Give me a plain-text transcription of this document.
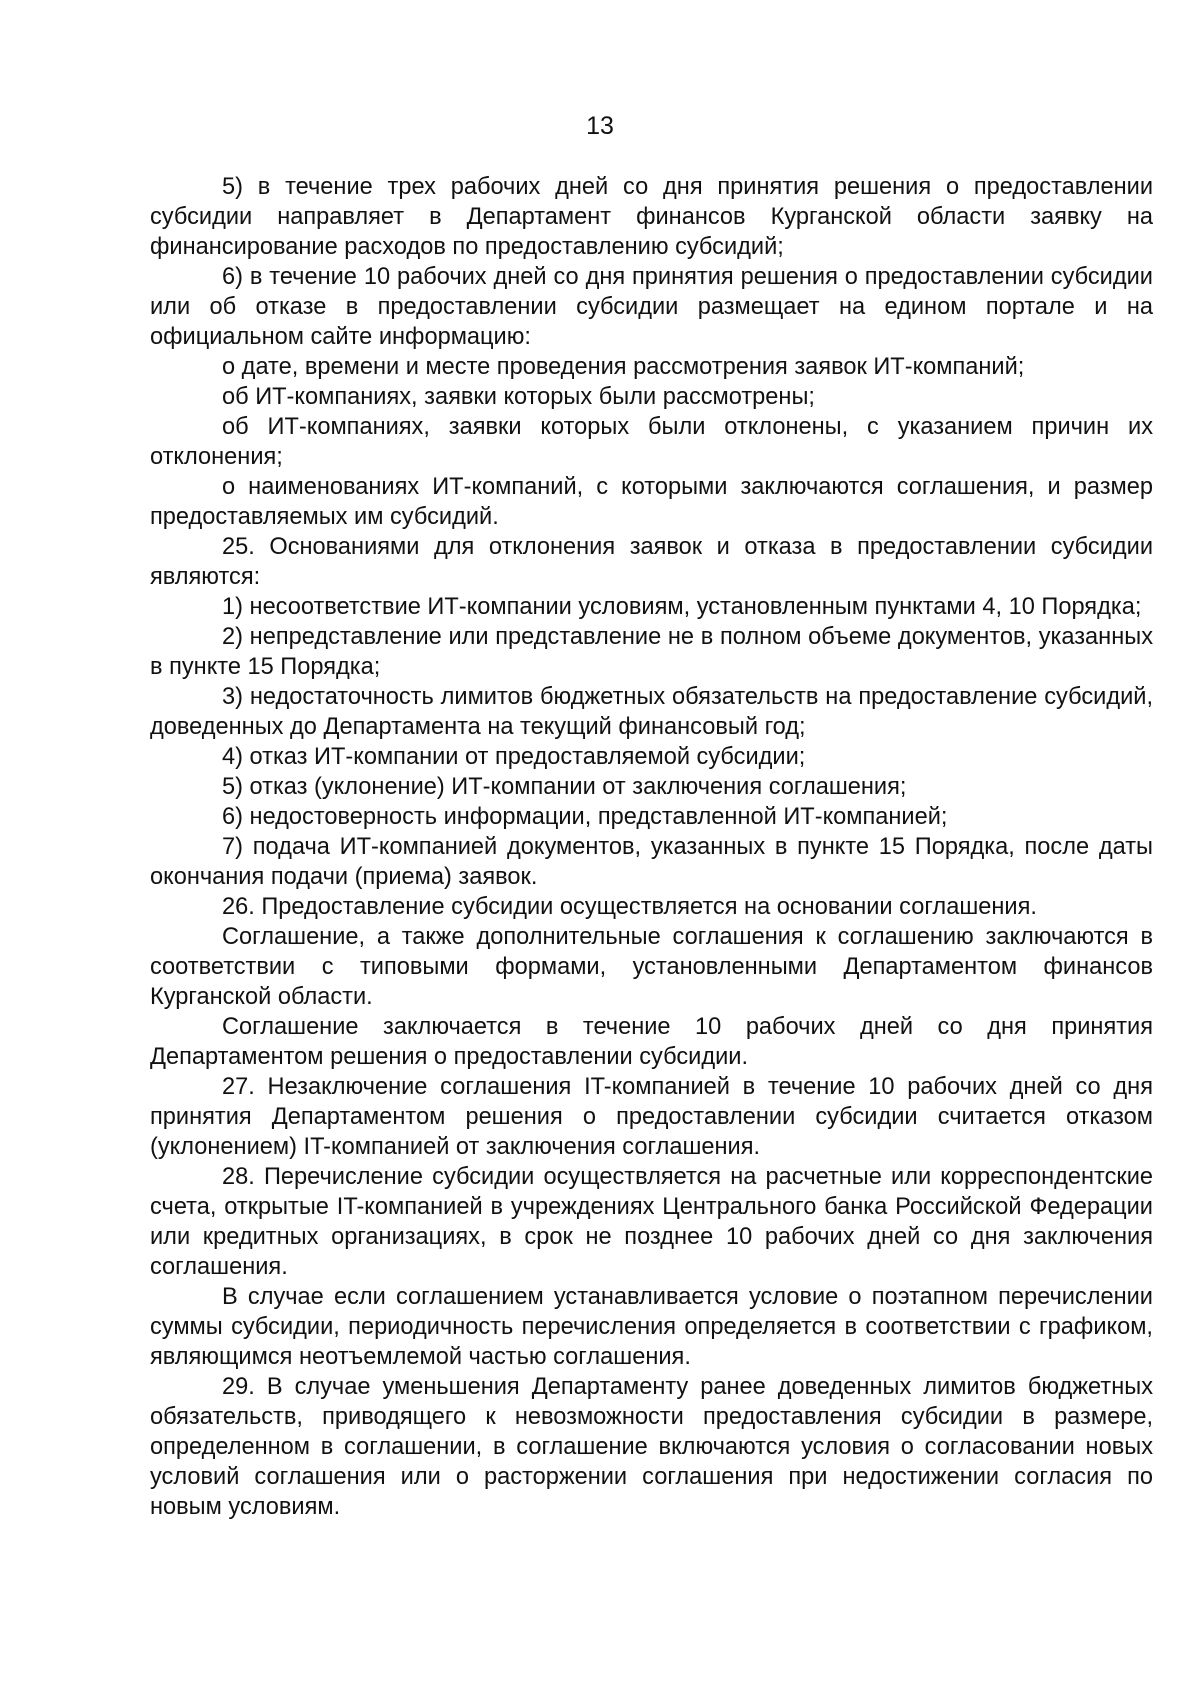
13

5) в течение трех рабочих дней со дня принятия решения о предоставлении субсидии направляет в Департамент финансов Курганской области заявку на финансирование расходов по предоставлению субсидий;

6) в течение 10 рабочих дней со дня принятия решения о предоставлении субсидии или об отказе в предоставлении субсидии размещает на едином портале и на официальном сайте информацию:

о дате, времени и месте проведения рассмотрения заявок ИТ-компаний;

об ИТ-компаниях, заявки которых были рассмотрены;

об ИТ-компаниях, заявки которых были отклонены, с указанием причин их отклонения;

о наименованиях ИТ-компаний, с которыми заключаются соглашения, и размер предоставляемых им субсидий.

25. Основаниями для отклонения заявок и отказа в предоставлении субсидии являются:

1) несоответствие ИТ-компании условиям, установленным пунктами 4, 10 Порядка;

2) непредставление или представление не в полном объеме документов, указанных в пункте 15 Порядка;

3) недостаточность лимитов бюджетных обязательств на предоставление субсидий, доведенных до Департамента на текущий финансовый год;

4) отказ ИТ-компании от предоставляемой субсидии;

5) отказ (уклонение) ИТ-компании от заключения соглашения;

6) недостоверность информации, представленной ИТ-компанией;

7) подача ИТ-компанией документов, указанных в пункте 15 Порядка, после даты окончания подачи (приема) заявок.

26. Предоставление субсидии осуществляется на основании соглашения.

Соглашение, а также дополнительные соглашения к соглашению заключаются в соответствии с типовыми формами, установленными Департаментом финансов Курганской области.

Соглашение заключается в течение 10 рабочих дней со дня принятия Департаментом решения о предоставлении субсидии.

27. Незаключение соглашения IT-компанией в течение 10 рабочих дней со дня принятия Департаментом решения о предоставлении субсидии считается отказом (уклонением) IT-компанией от заключения соглашения.

28. Перечисление субсидии осуществляется на расчетные или корреспондентские счета, открытые IT-компанией в учреждениях Центрального банка Российской Федерации или кредитных организациях, в срок не позднее 10 рабочих дней со дня заключения соглашения.

В случае если соглашением устанавливается условие о поэтапном перечислении суммы субсидии, периодичность перечисления определяется в соответствии с графиком, являющимся неотъемлемой частью соглашения.

29. В случае уменьшения Департаменту ранее доведенных лимитов бюджетных обязательств, приводящего к невозможности предоставления субсидии в размере, определенном в соглашении, в соглашение включаются условия о согласовании новых условий соглашения или о расторжении соглашения при недостижении согласия по новым условиям.
